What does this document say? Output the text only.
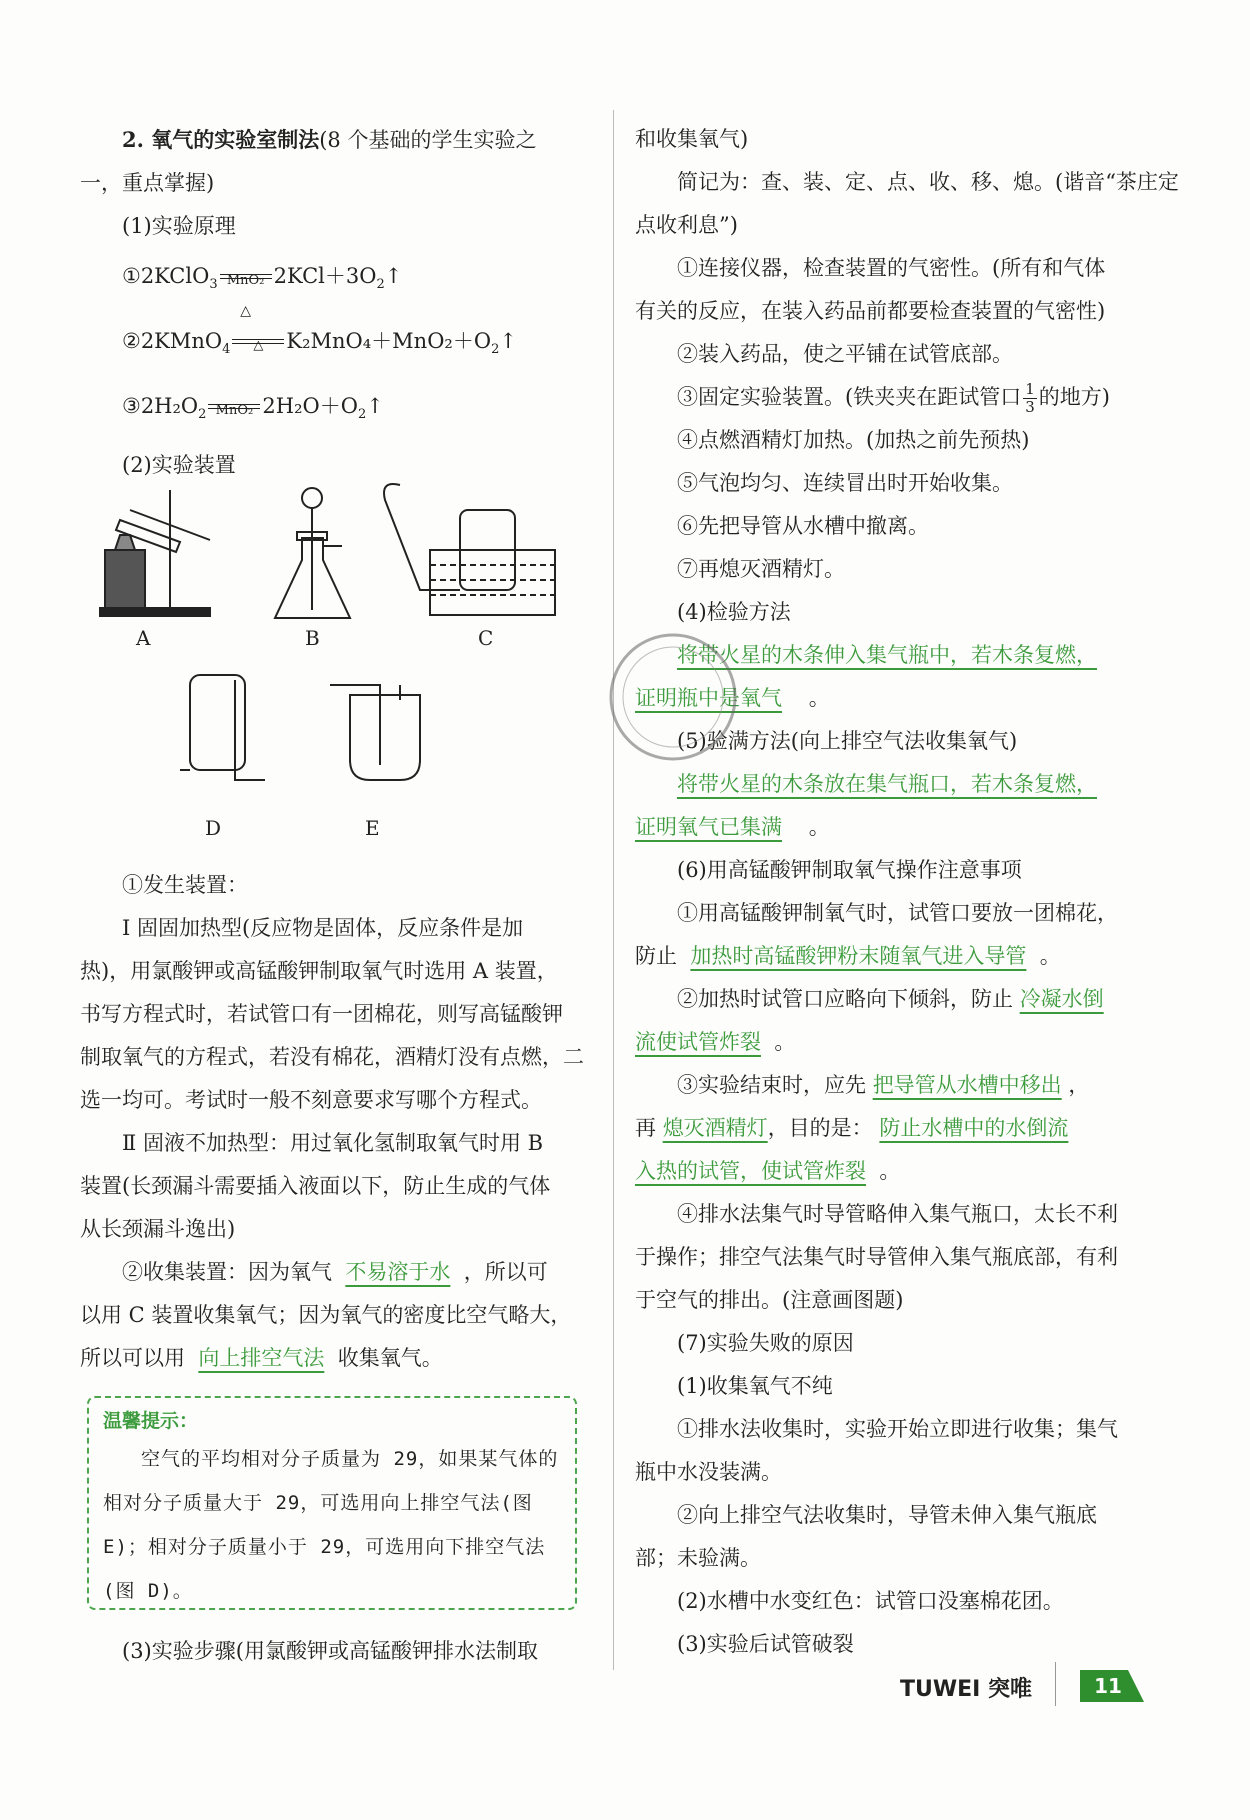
2. 氧气的实验室制法(8 个基础的学生实验之
一，重点掌握)
(1)实验原理
①2KClO$_3$ MnO₂
△
$2KCl+3O_2↑$
②2KMnO$_4$	△	$K_2MnO_4+MnO_2+O_2↑$
$③2H_2O_2$ MnO₂ $2H_2O+O_2↑$
(2)实验装置
A	B	C
D	E
①发生装置：
Ⅰ 固固加热型(反应物是固体，反应条件是加
热)，用氯酸钾或高锰酸钾制取氧气时选用 A 装置，
书写方程式时，若试管口有一团棉花，则写高锰酸钾
制取氧气的方程式，若没有棉花，酒精灯没有点燃，二
选一均可。考试时一般不刻意要求写哪个方程式。
Ⅱ 固液不加热型：用过氧化氢制取氧气时用 B
装置(长颈漏斗需要插入液面以下，防止生成的气体
从长颈漏斗逸出)
②收集装置：因为氧气 不易溶于水 ，所以可
以用 C 装置收集氧气；因为氧气的密度比空气略大，
所以可以用 向上排空气法 收集氧气。
温馨提示：
空气的平均相对分子质量为 29，如果某气体的相对分子质量大于 29，可选用向上排空气法(图 E)；相对分子质量小于 29，可选用向下排空气法(图 D)。
(3)实验步骤(用氯酸钾或高锰酸钾排水法制取
和收集氧气)
简记为：查、装、定、点、收、移、熄。(谐音“茶庄定
点收利息”)
①连接仪器，检查装置的气密性。(所有和气体
有关的反应，在装入药品前都要检查装置的气密性)
②装入药品，使之平铺在试管底部。
③固定实验装置。(铁夹夹在距试管口 $\frac{1}{3}$ 的地方)
④点燃酒精灯加热。(加热之前先预热)
⑤气泡均匀、连续冒出时开始收集。
⑥先把导管从水槽中撤离。
⑦再熄灭酒精灯。
(4)检验方法
将带火星的木条伸入集气瓶中，若木条复燃，
证明瓶中是氧气    。
(5)验满方法(向上排空气法收集氧气)
将带火星的木条放在集气瓶口，若木条复燃，
证明氧气已集满    。
(6)用高锰酸钾制取氧气操作注意事项
①用高锰酸钾制氧气时，试管口要放一团棉花，
防止 加热时高锰酸钾粉末随氧气进入导管  。
②加热时试管口应略向下倾斜，防止 冷凝水倒
流使试管炸裂  。
③实验结束时，应先 把导管从水槽中移出 ，
再 熄灭酒精灯，目的是： 防止水槽中的水倒流
入热的试管，使试管炸裂  。
④排水法集气时导管略伸入集气瓶口，太长不利
于操作；排空气法集气时导管伸入集气瓶底部，有利
于空气的排出。(注意画图题)
(7)实验失败的原因
(1)收集氧气不纯
①排水法收集时，实验开始立即进行收集；集气
瓶中水没装满。
②向上排空气法收集时，导管未伸入集气瓶底
部；未验满。
(2)水槽中水变红色：试管口没塞棉花团。
(3)实验后试管破裂
TUWEI 突唯	11
